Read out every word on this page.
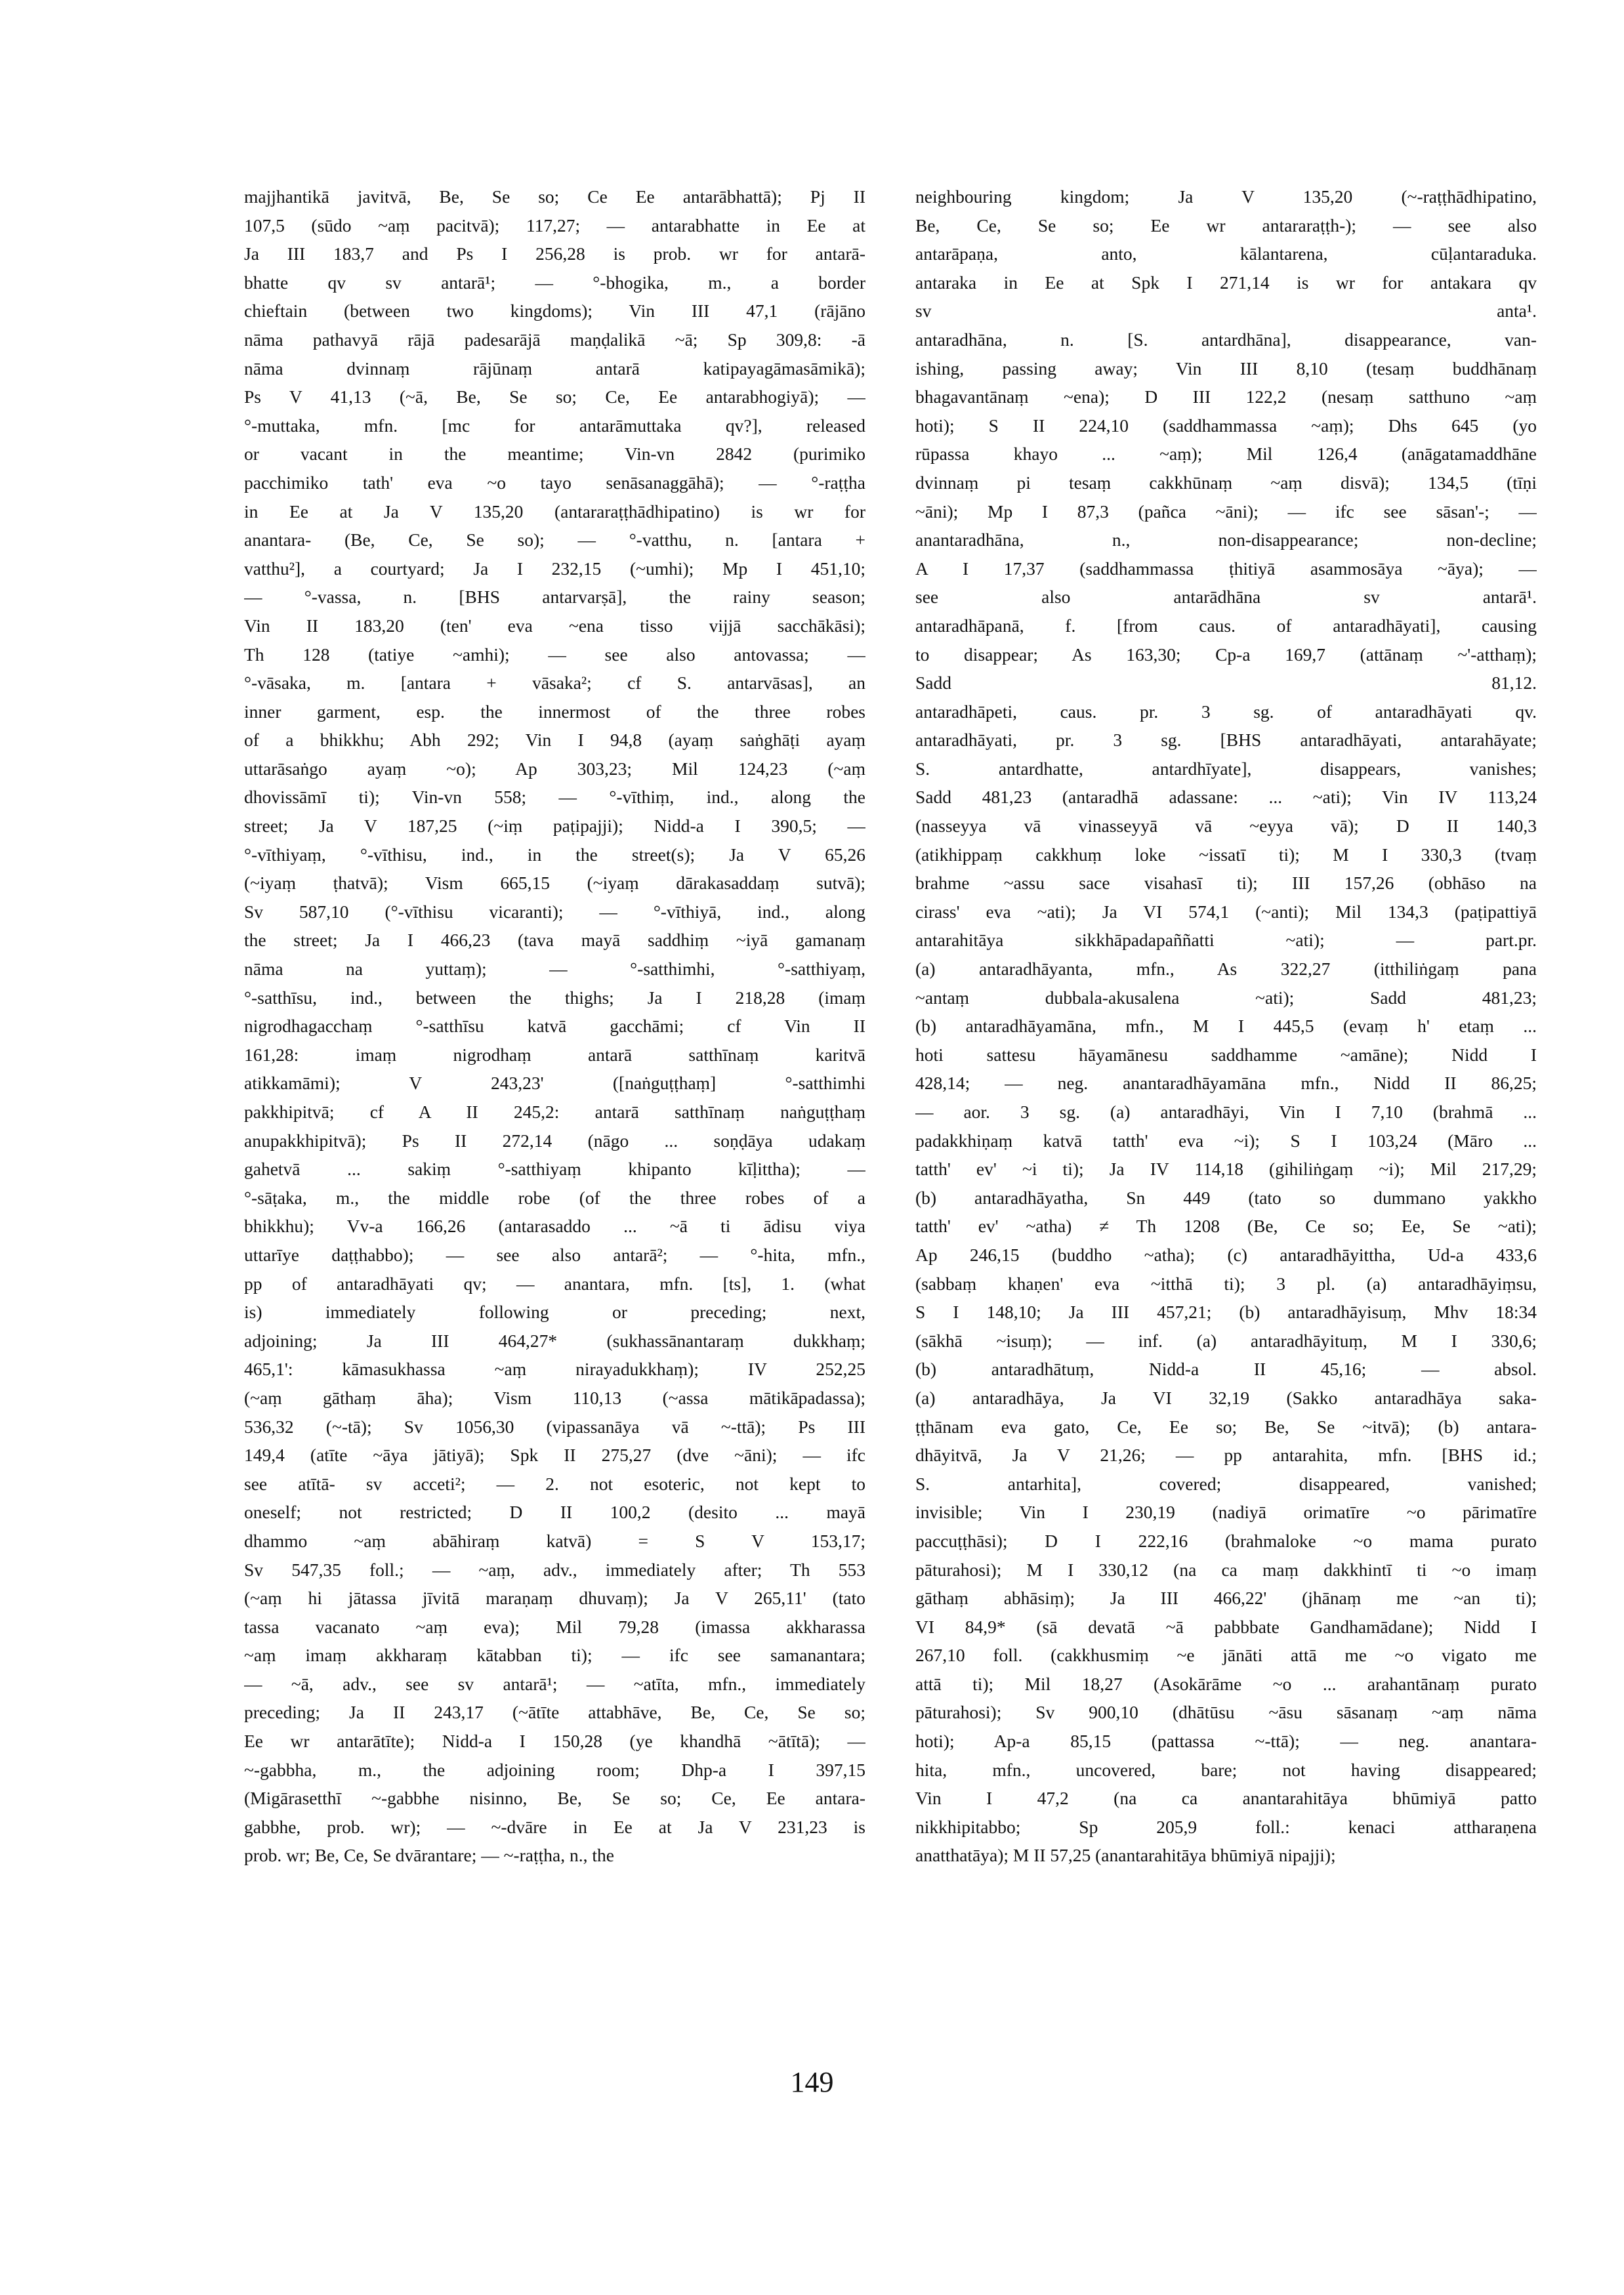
majjhantikā javitvā, Be, Se so; Ce Ee antarābhattā); Pj II
107,5 (sūdo ~aṃ pacitvā); 117,27; — antarabhatte in Ee at
Ja III 183,7 and Ps I 256,28 is prob. wr for antarā-
bhatte qv sv antarā¹; — °-bhogika, m., a border
chieftain (between two kingdoms); Vin III 47,1 (rājāno
nāma pathavyā rājā padesarājā maṇḍalikā ~ā; Sp 309,8: -ā
nāma dvinnaṃ rājūnaṃ antarā katipayagāmasāmikā);
Ps V 41,13 (~ā, Be, Se so; Ce, Ee antarabhogiyā); —
°-muttaka, mfn. [mc for antarāmuttaka qv?], released
or vacant in the meantime; Vin-vn 2842 (purimiko
pacchimiko tath' eva ~o tayo senāsanaggāhā); — °-raṭṭha
in Ee at Ja V 135,20 (antararaṭṭhādhipatino) is wr for
anantara- (Be, Ce, Se so); — °-vatthu, n. [antara +
vatthu²], a courtyard; Ja I 232,15 (~umhi); Mp I 451,10;
— °-vassa, n. [BHS antarvarṣā], the rainy season;
Vin II 183,20 (ten' eva ~ena tisso vijjā sacchākāsi);
Th 128 (tatiye ~amhi); — see also antovassa; —
°-vāsaka, m. [antara + vāsaka²; cf S. antarvāsas], an
inner garment, esp. the innermost of the three robes
of a bhikkhu; Abh 292; Vin I 94,8 (ayaṃ saṅghāṭi ayaṃ
uttarāsaṅgo ayaṃ ~o); Ap 303,23; Mil 124,23 (~aṃ
dhovissāmī ti); Vin-vn 558; — °-vīthiṃ, ind., along the
street; Ja V 187,25 (~iṃ paṭipajji); Nidd-a I 390,5; —
°-vīthiyaṃ, °-vīthisu, ind., in the street(s); Ja V 65,26
(~iyaṃ ṭhatvā); Vism 665,15 (~iyaṃ dārakasaddaṃ sutvā);
Sv 587,10 (°-vīthisu vicaranti); — °-vīthiyā, ind., along
the street; Ja I 466,23 (tava mayā saddhiṃ ~iyā gamanaṃ
nāma na yuttaṃ); — °-satthimhi, °-satthiyaṃ,
°-satthīsu, ind., between the thighs; Ja I 218,28 (imaṃ
nigrodhagacchaṃ °-satthīsu katvā gacchāmi; cf Vin II
161,28: imaṃ nigrodhaṃ antarā satthīnaṃ karitvā
atikkamāmi); V 243,23' ([naṅguṭṭhaṃ] °-satthimhi
pakkhipitvā; cf A II 245,2: antarā satthīnaṃ naṅguṭṭhaṃ
anupakkhipitvā); Ps II 272,14 (nāgo ... soṇḍāya udakaṃ
gahetvā ... sakiṃ °-satthiyaṃ khipanto kīḷittha); —
°-sāṭaka, m., the middle robe (of the three robes of a
bhikkhu); Vv-a 166,26 (antarasaddo ... ~ā ti ādisu viya
uttarīye daṭṭhabbo); — see also antarā²; — °-hita, mfn.,
pp of antaradhāyati qv; — anantara, mfn. [ts], 1. (what
is) immediately following or preceding; next,
adjoining; Ja III 464,27* (sukhassānantaraṃ dukkhaṃ;
465,1': kāmasukhassa ~aṃ nirayadukkhaṃ); IV 252,25
(~aṃ gāthaṃ āha); Vism 110,13 (~assa mātikāpadassa);
536,32 (~-tā); Sv 1056,30 (vipassanāya vā ~-ttā); Ps III
149,4 (atīte ~āya jātiyā); Spk II 275,27 (dve ~āni); — ifc
see atītā- sv acceti²; — 2. not esoteric, not kept to
oneself; not restricted; D II 100,2 (desito ... mayā
dhammo ~aṃ abāhiraṃ katvā) = S V 153,17;
Sv 547,35 foll.; — ~aṃ, adv., immediately after; Th 553
(~aṃ hi jātassa jīvitā maraṇaṃ dhuvaṃ); Ja V 265,11' (tato
tassa vacanato ~aṃ eva); Mil 79,28 (imassa akkharassa
~aṃ imaṃ akkharaṃ kātabban ti); — ifc see samanantara;
— ~ā, adv., see sv antarā¹; — ~atīta, mfn., immediately
preceding; Ja II 243,17 (~ātīte attabhāve, Be, Ce, Se so;
Ee wr antarātīte); Nidd-a I 150,28 (ye khandhā ~ātītā); —
~-gabbha, m., the adjoining room; Dhp-a I 397,15
(Migārasetthī ~-gabbhe nisinno, Be, Se so; Ce, Ee antara-
gabbhe, prob. wr); — ~-dvāre in Ee at Ja V 231,23 is
prob. wr; Be, Ce, Se dvārantare; — ~-raṭṭha, n., the
neighbouring kingdom; Ja V 135,20 (~-raṭṭhādhipatino,
Be, Ce, Se so; Ee wr antararaṭṭh-); — see also
antarāpaṇa, anto, kālantarena, cūḷantaraduka.
antaraka in Ee at Spk I 271,14 is wr for antakara qv
sv anta¹.
antaradhāna, n. [S. antardhāna], disappearance, van-
ishing, passing away; Vin III 8,10 (tesaṃ buddhānaṃ
bhagavantānaṃ ~ena); D III 122,2 (nesaṃ satthuno ~aṃ
hoti); S II 224,10 (saddhammassa ~aṃ); Dhs 645 (yo
rūpassa khayo ... ~aṃ); Mil 126,4 (anāgatamaddhāne
dvinnaṃ pi tesaṃ cakkhūnaṃ ~aṃ disvā); 134,5 (tīṇi
~āni); Mp I 87,3 (pañca ~āni); — ifc see sāsan'-; —
anantaradhāna, n., non-disappearance; non-decline;
A I 17,37 (saddhammassa ṭhitiyā asammosāya ~āya); —
see also antarādhāna sv antarā¹.
antaradhāpanā, f. [from caus. of antaradhāyati], causing
to disappear; As 163,30; Cp-a 169,7 (attānaṃ ~'-atthaṃ);
Sadd 81,12.
antaradhāpeti, caus. pr. 3 sg. of antaradhāyati qv.
antaradhāyati, pr. 3 sg. [BHS antaradhāyati, antarahāyate;
S. antardhatte, antardhīyate], disappears, vanishes;
Sadd 481,23 (antaradhā adassane: ... ~ati); Vin IV 113,24
(nasseyya vā vinasseyyā vā ~eyya vā); D II 140,3
(atikhippaṃ cakkhuṃ loke ~issatī ti); M I 330,3 (tvaṃ
brahme ~assu sace visahasī ti); III 157,26 (obhāso na
cirass' eva ~ati); Ja VI 574,1 (~anti); Mil 134,3 (paṭipattiyā
antarahitāya sikkhāpadapaññatti ~ati); — part.pr.
(a) antaradhāyanta, mfn., As 322,27 (itthiliṅgaṃ pana
~antaṃ dubbala-akusalena ~ati); Sadd 481,23;
(b) antaradhāyamāna, mfn., M I 445,5 (evaṃ h' etaṃ ...
hoti sattesu hāyamānesu saddhamme ~amāne); Nidd I
428,14; — neg. anantaradhāyamāna mfn., Nidd II 86,25;
— aor. 3 sg. (a) antaradhāyi, Vin I 7,10 (brahmā ...
padakkhiṇaṃ katvā tatth' eva ~i); S I 103,24 (Māro ...
tatth' ev' ~i ti); Ja IV 114,18 (gihiliṅgaṃ ~i); Mil 217,29;
(b) antaradhāyatha, Sn 449 (tato so dummano yakkho
tatth' ev' ~atha) ≠ Th 1208 (Be, Ce so; Ee, Se ~ati);
Ap 246,15 (buddho ~atha); (c) antaradhāyittha, Ud-a 433,6
(sabbaṃ khaṇen' eva ~itthā ti); 3 pl. (a) antaradhāyiṃsu,
S I 148,10; Ja III 457,21; (b) antaradhāyisuṃ, Mhv 18:34
(sākhā ~isuṃ); — inf. (a) antaradhāyituṃ, M I 330,6;
(b) antaradhātuṃ, Nidd-a II 45,16; — absol.
(a) antaradhāya, Ja VI 32,19 (Sakko antaradhāya saka-
ṭṭhānam eva gato, Ce, Ee so; Be, Se ~itvā); (b) antara-
dhāyitvā, Ja V 21,26; — pp antarahita, mfn. [BHS id.;
S. antarhita], covered; disappeared, vanished;
invisible; Vin I 230,19 (nadiyā orimatīre ~o pārimatīre
paccuṭṭhāsi); D I 222,16 (brahmaloke ~o mama purato
pāturahosi); M I 330,12 (na ca maṃ dakkhintī ti ~o imaṃ
gāthaṃ abhāsiṃ); Ja III 466,22' (jhānaṃ me ~an ti);
VI 84,9* (sā devatā ~ā pabbbate Gandhamādane); Nidd I
267,10 foll. (cakkhusmiṃ ~e jānāti attā me ~o vigato me
attā ti); Mil 18,27 (Asokārāme ~o ... arahantānaṃ purato
pāturahosi); Sv 900,10 (dhātūsu ~āsu sāsanaṃ ~aṃ nāma
hoti); Ap-a 85,15 (pattassa ~-ttā); — neg. anantara-
hita, mfn., uncovered, bare; not having disappeared;
Vin I 47,2 (na ca anantarahitāya bhūmiyā patto
nikkhipitabbo; Sp 205,9 foll.: kenaci attharaṇena
anatthatāya); M II 57,25 (anantarahitāya bhūmiyā nipajji);
149
